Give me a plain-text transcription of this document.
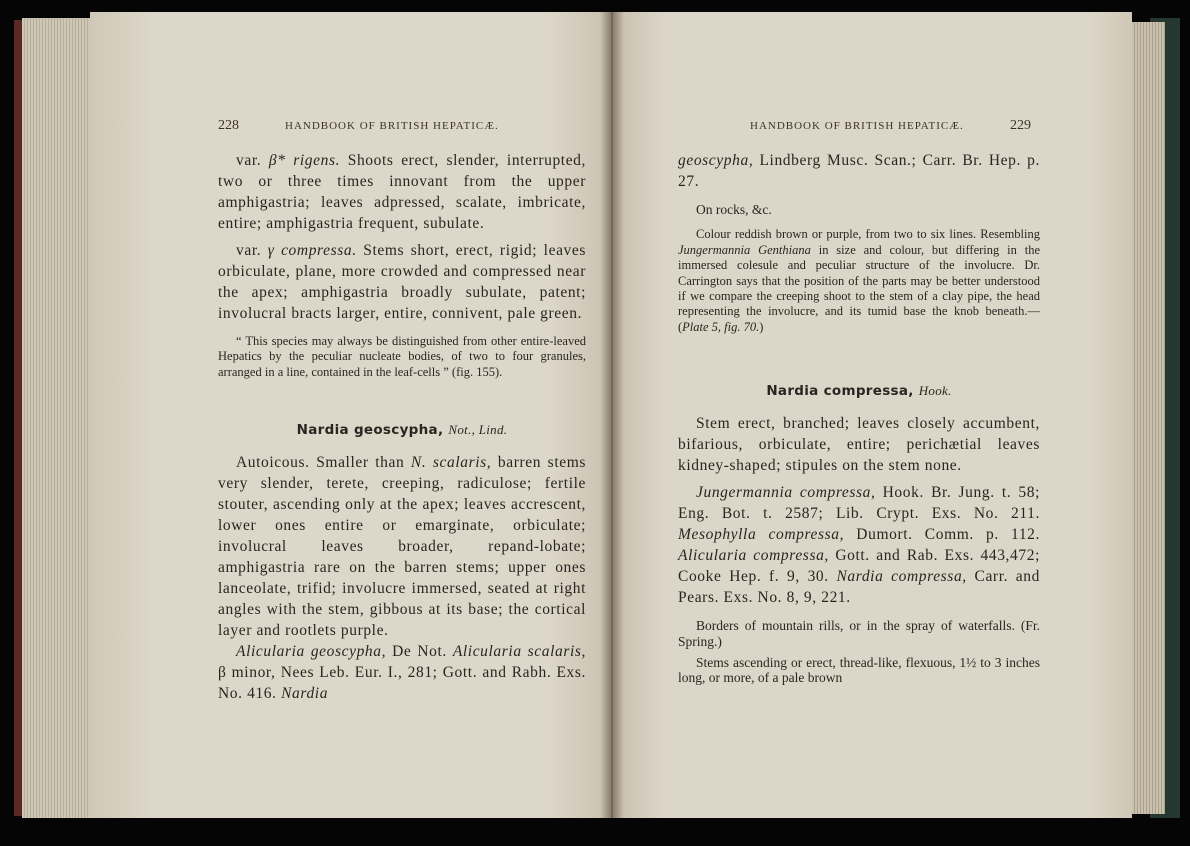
228	HANDBOOK OF BRITISH HEPATICÆ.	HANDBOOK OF BRITISH HEPATICÆ.	229

var. β* rigens. Shoots erect, slender, interrupted, two or three times innovant from the upper amphigastria; leaves adpressed, scalate, imbricate, entire; amphigastria frequent, subulate.

var. γ compressa. Stems short, erect, rigid; leaves orbiculate, plane, more crowded and compressed near the apex; amphigastria broadly subulate, patent; involucral bracts larger, entire, connivent, pale green.

“ This species may always be distinguished from other entire-leaved Hepatics by the peculiar nucleate bodies, of two to four granules, arranged in a line, contained in the leaf-cells ” (fig. 155).

Nardia geoscypha, Not., Lind.

Autoicous. Smaller than N. scalaris, barren stems very slender, terete, creeping, radiculose; fertile stouter, ascending only at the apex; leaves accrescent, lower ones entire or emarginate, orbiculate; involucral leaves broader, repand-lobate; amphigastria rare on the barren stems; upper ones lanceolate, trifid; involucre immersed, seated at right angles with the stem, gibbous at its base; the cortical layer and rootlets purple.

Alicularia geoscypha, De Not. Alicularia scalaris, β minor, Nees Leb. Eur. I., 281; Gott. and Rabh. Exs. No. 416. Nardia

geoscypha, Lindberg Musc. Scan.; Carr. Br. Hep. p. 27.

On rocks, &c.

Colour reddish brown or purple, from two to six lines. Resembling Jungermannia Genthiana in size and colour, but differing in the immersed colesule and peculiar structure of the involucre. Dr. Carrington says that the position of the parts may be better understood if we compare the creeping shoot to the stem of a clay pipe, the head representing the involucre, and its tumid base the knob beneath.—(Plate 5, fig. 70.)

Nardia compressa, Hook.

Stem erect, branched; leaves closely accumbent, bifarious, orbiculate, entire; perichætial leaves kidney-shaped; stipules on the stem none.

Jungermannia compressa, Hook. Br. Jung. t. 58; Eng. Bot. t. 2587; Lib. Crypt. Exs. No. 211. Mesophylla compressa, Dumort. Comm. p. 112. Alicularia compressa, Gott. and Rab. Exs. 443,472; Cooke Hep. f. 9, 30. Nardia compressa, Carr. and Pears. Exs. No. 8, 9, 221.

Borders of mountain rills, or in the spray of waterfalls. (Fr. Spring.)

Stems ascending or erect, thread-like, flexuous, 1½ to 3 inches long, or more, of a pale brown
